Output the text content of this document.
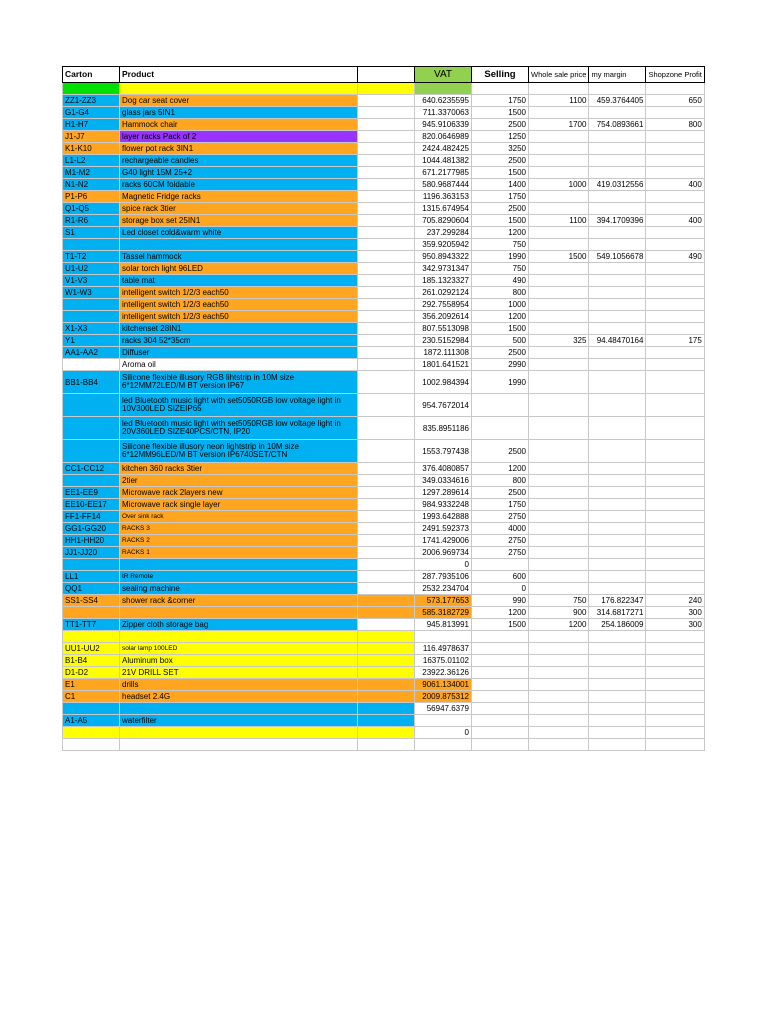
Carton	Product		VAT	Selling	Whole sale price	my margin	Shopzone Profit

ZZ1-ZZ3	Dog car seat cover		640.6235595	1750	1100	459.3764405	650
G1-G4	glass jars 5IN1		711.3370063	1500			
H1-H7	Hammock chair		945.9106339	2500	1700	754.0893661	800
J1-J7	layer racks Pack of 2		820.0646989	1250			
K1-K10	flower pot rack 3IN1		2424.482425	3250			
L1-L2	rechargeable candles		1044.481382	2500			
M1-M2	G40 light 15M 25+2		671.2177985	1500			
N1-N2	racks 60CM foldable		580.9687444	1400	1000	419.0312556	400
P1-P6	Magnetic Fridge racks		1196.363153	1750			
Q1-Q5	spice rack 3tier		1315.674954	2500			
R1-R6	storage box set 25IN1		705.8290604	1500	1100	394.1709396	400
S1	Led closet cold&warm white		237.299284	1200			
			359.9205942	750			
T1-T2	Tassel hammock		950.8943322	1990	1500	549.1056678	490
U1-U2	solar torch light 96LED		342.9731347	750			
V1-V3	table mat		185.1323327	490			
W1-W3	intelligent switch 1/2/3 each50		261.0292124	800			
	intelligent switch 1/2/3 each50		292.7558954	1000			
	intelligent switch 1/2/3 each50		356.2092614	1200			
X1-X3	kitchenset 28IN1		807.5513098	1500			
Y1	racks 304 52*35cm		230.5152984	500	325	94.48470164	175
AA1-AA2	Diffuser		1872.111308	2500			
	Aroma oil		1801.641521	2990			
BB1-BB4	Silicone flexible illusory RGB lihtstrip in 10M size 6*12MM72LED/M BT version IP67		1002.984394	1990			
	led Bluetooth music light with set5050RGB low voltage light in 10V300LED SIZEIP65		954.7672014				
	led Bluetooth music light with set5050RGB low voltage light in 20V360LED SIZE40PCS/CTN, IP20		835.8951186				
	Silicone flexible illusory neon lightstrip in 10M size 6*12MM96LED/M BT version IP6740SET/CTN		1553.797438	2500			
CC1-CC12	kitchen 360 racks 3tier		376.4080857	1200			
	2tier		349.0334616	800			
EE1-EE9	Microwave rack 2layers new		1297.289614	2500			
EE10-EE17	Microwave rack single layer		984.9332248	1750			
FF1-FF14	Over sink rack		1993.642888	2750			
GG1-GG20	RACKS 3		2491.592373	4000			
HH1-HH20	RACKS 2		1741.429006	2750			
JJ1-JJ20	RACKS 1		2006.969734	2750			
			0				
LL1	IR Remote		287.7935106	600			
QQ1	sealing machine		2532.234704	0			
SS1-SS4	shower rack &corner		573.177653	990	750	176.822347	240
			585.3182729	1200	900	314.6817271	300
TT1-TT7	Zipper cloth storage bag		945.813991	1500	1200	254.186009	300

UU1-UU2	solar lamp 100LED		116.4978637				
B1-B4	Aluminum box		16375.01102				
D1-D2	21V DRILL SET		23922.36126				
E1	drills		9061.134001				
C1	headset 2.4G		2009.875312				
			56947.6379				
A1-A5	waterfilter						
			0				
